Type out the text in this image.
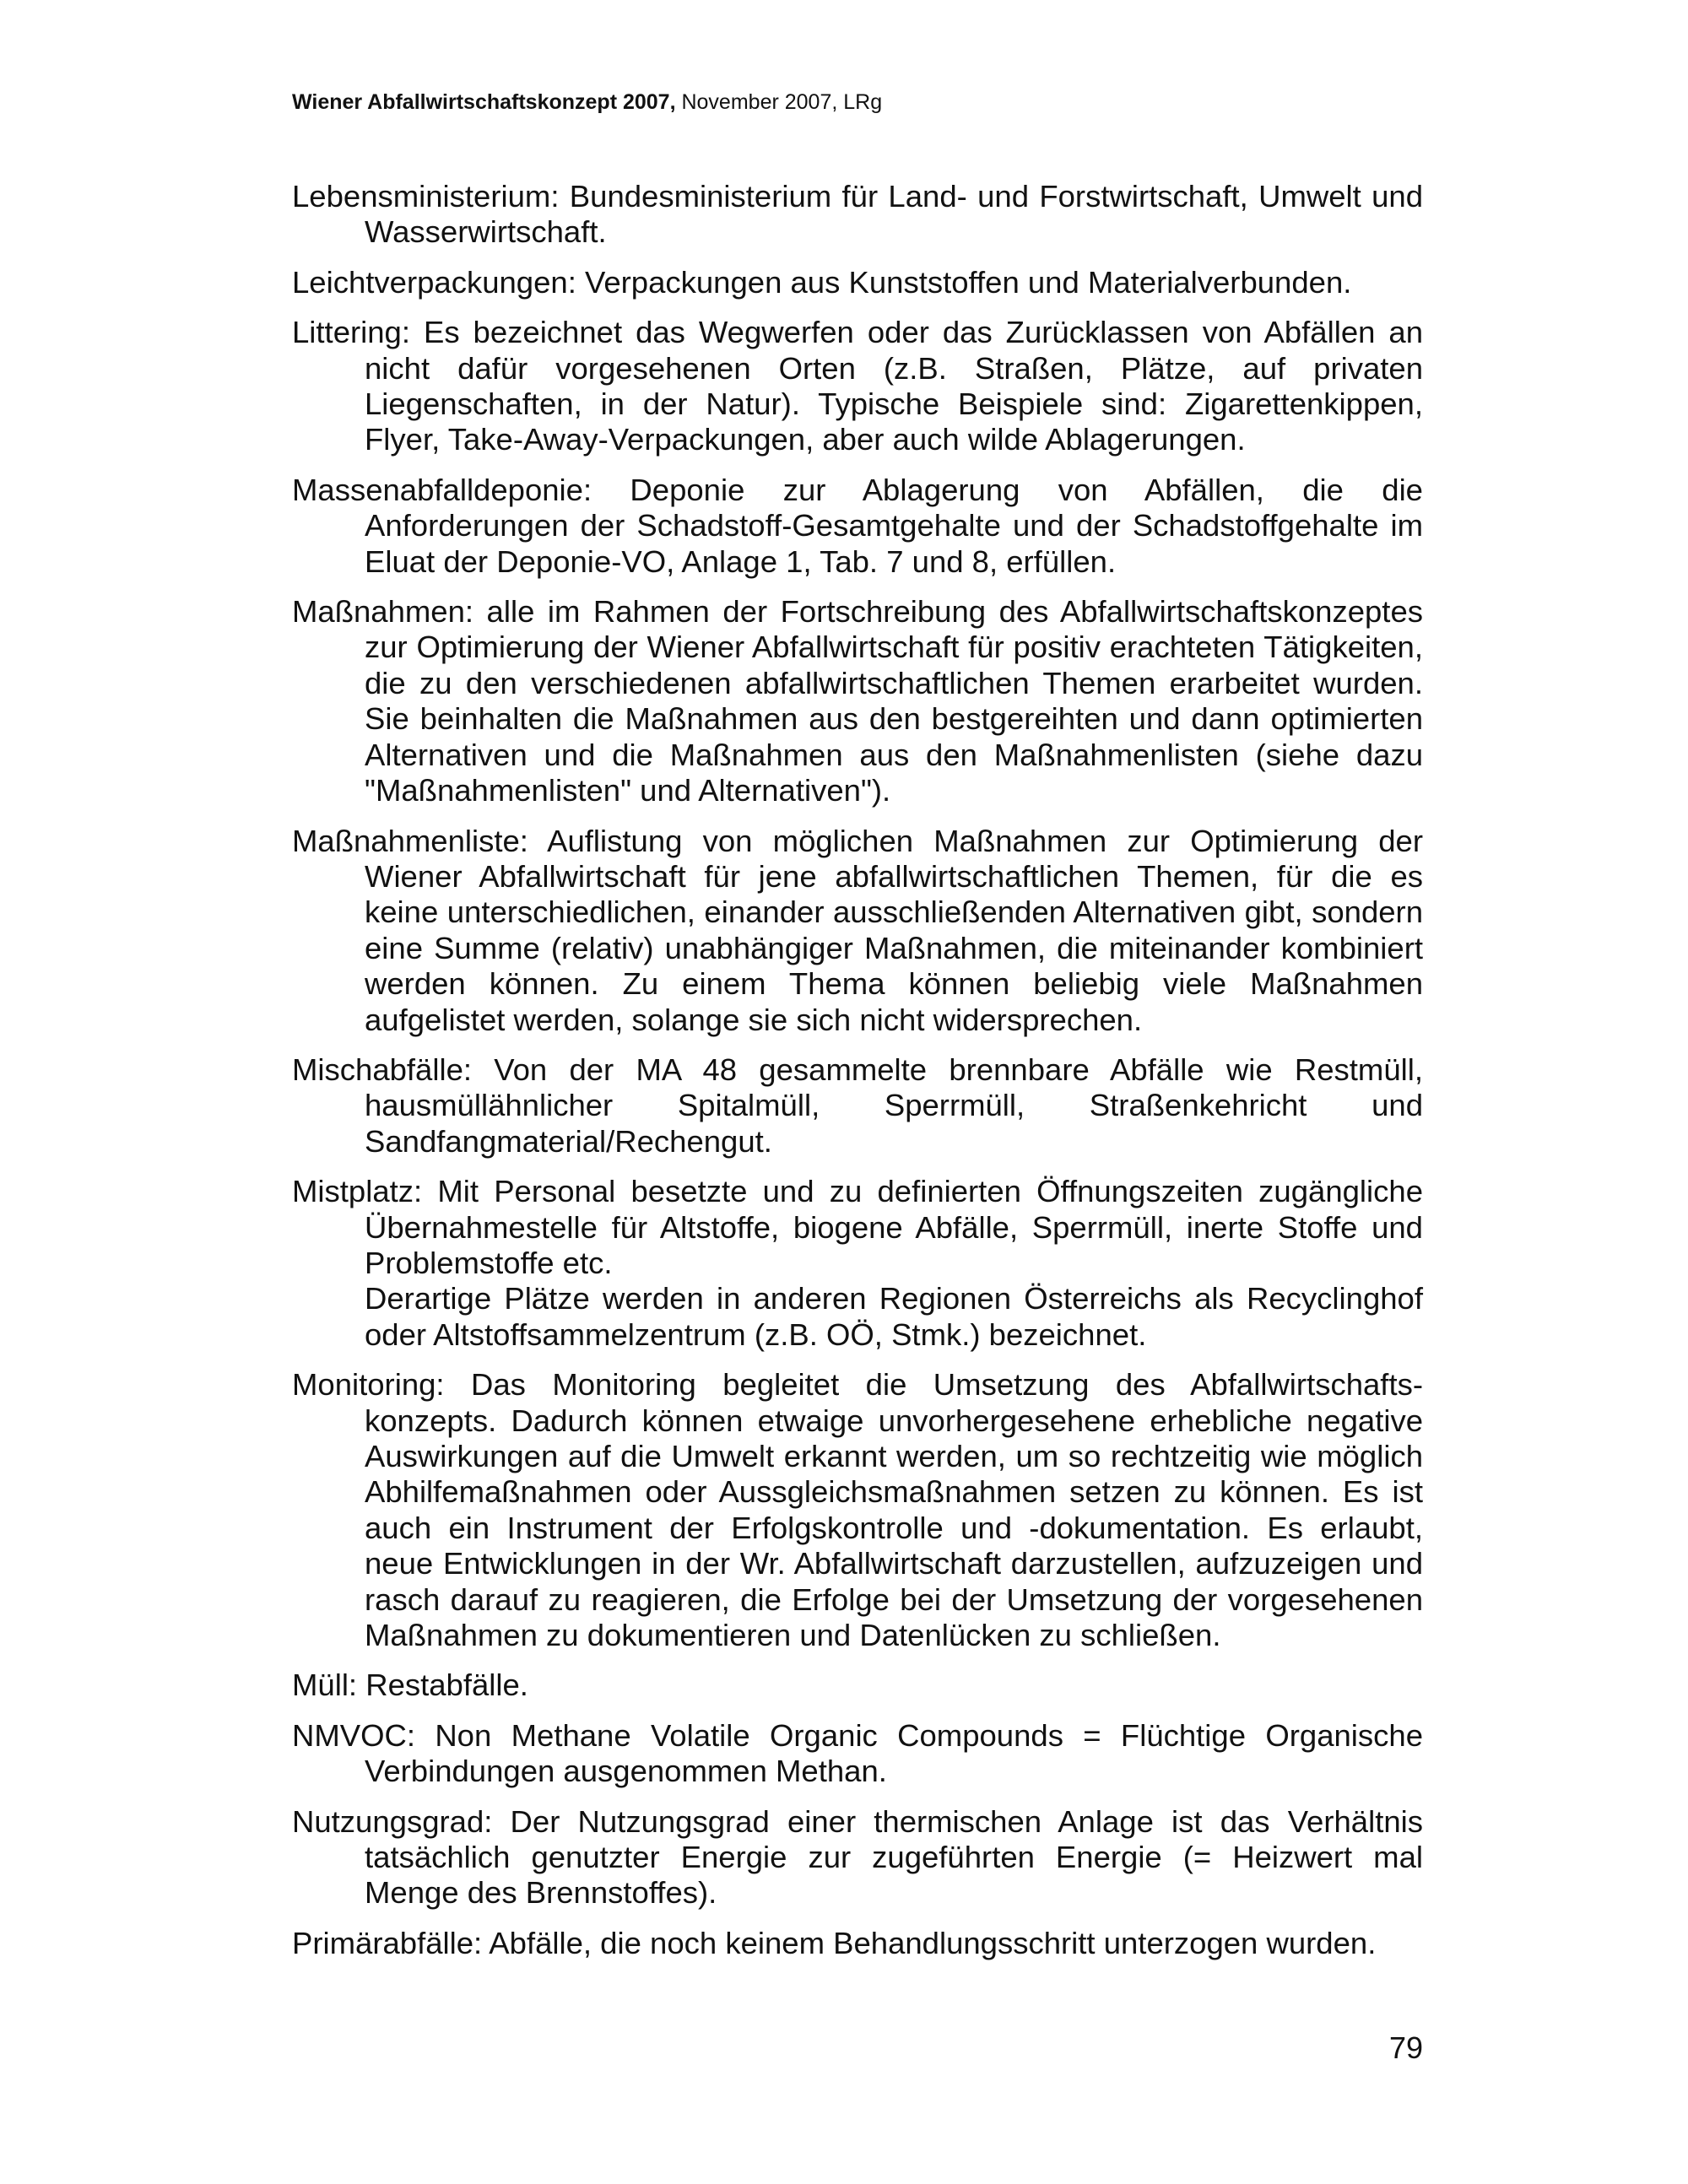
Wiener Abfallwirtschaftskonzept 2007, November 2007, LRg

Lebensministerium: Bundesministerium für Land- und Forstwirtschaft, Umwelt und Wasserwirtschaft.

Leichtverpackungen: Verpackungen aus Kunststoffen und Materialverbunden.

Littering: Es bezeichnet das Wegwerfen oder das Zurücklassen von Abfällen an nicht dafür vorgesehenen Orten (z.B. Straßen, Plätze, auf privaten Liegenschaften, in der Natur). Typische Beispiele sind: Zigarettenkippen, Flyer, Take-Away-Verpackungen, aber auch wilde Ablagerungen.

Massenabfalldeponie: Deponie zur Ablagerung von Abfällen, die die Anforderungen der Schadstoff-Gesamtgehalte und der Schadstoffgehalte im Eluat der Deponie-VO, Anlage 1, Tab. 7 und 8, erfüllen.

Maßnahmen: alle im Rahmen der Fortschreibung des Abfallwirtschaftskonzeptes zur Optimierung der Wiener Abfallwirtschaft für positiv erachteten Tätigkeiten, die zu den verschiedenen abfallwirtschaftlichen Themen erarbeitet wurden. Sie beinhalten die Maßnahmen aus den bestgereihten und dann optimierten Alternativen und die Maßnahmen aus den Maßnahmenlisten (siehe dazu "Maßnahmenlisten" und Alternativen").

Maßnahmenliste: Auflistung von möglichen Maßnahmen zur Optimierung der Wiener Abfallwirtschaft für jene abfallwirtschaftlichen Themen, für die es keine unterschiedlichen, einander ausschließenden Alternativen gibt, sondern eine Summe (relativ) unabhängiger Maßnahmen, die miteinander kombiniert werden können. Zu einem Thema können beliebig viele Maßnahmen aufgelistet werden, solange sie sich nicht widersprechen.

Mischabfälle: Von der MA 48 gesammelte brennbare Abfälle wie Restmüll, hausmüllähnlicher Spitalmüll, Sperrmüll, Straßenkehricht und Sandfangmaterial/Rechengut.

Mistplatz: Mit Personal besetzte und zu definierten Öffnungszeiten zugängliche Übernahmestelle für Altstoffe, biogene Abfälle, Sperrmüll, inerte Stoffe und Problemstoffe etc.
Derartige Plätze werden in anderen Regionen Österreichs als Recyclinghof oder Altstoffsammelzentrum (z.B. OÖ, Stmk.) bezeichnet.

Monitoring: Das Monitoring begleitet die Umsetzung des Abfallwirtschafts-konzepts. Dadurch können etwaige unvorhergesehene erhebliche negative Auswirkungen auf die Umwelt erkannt werden, um so rechtzeitig wie möglich Abhilfemaßnahmen oder Aussgleichsmaßnahmen setzen zu können. Es ist auch ein Instrument der Erfolgskontrolle und -dokumentation. Es erlaubt, neue Entwicklungen in der Wr. Abfallwirtschaft darzustellen, aufzuzeigen und rasch darauf zu reagieren, die Erfolge bei der Umsetzung der vorgesehenen Maßnahmen zu dokumentieren und Datenlücken zu schließen.

Müll: Restabfälle.

NMVOC: Non Methane Volatile Organic Compounds = Flüchtige Organische Verbindungen ausgenommen Methan.

Nutzungsgrad: Der Nutzungsgrad einer thermischen Anlage ist das Verhältnis tatsächlich genutzter Energie zur zugeführten Energie (= Heizwert mal Menge des Brennstoffes).

Primärabfälle: Abfälle, die noch keinem Behandlungsschritt unterzogen wurden.

79
